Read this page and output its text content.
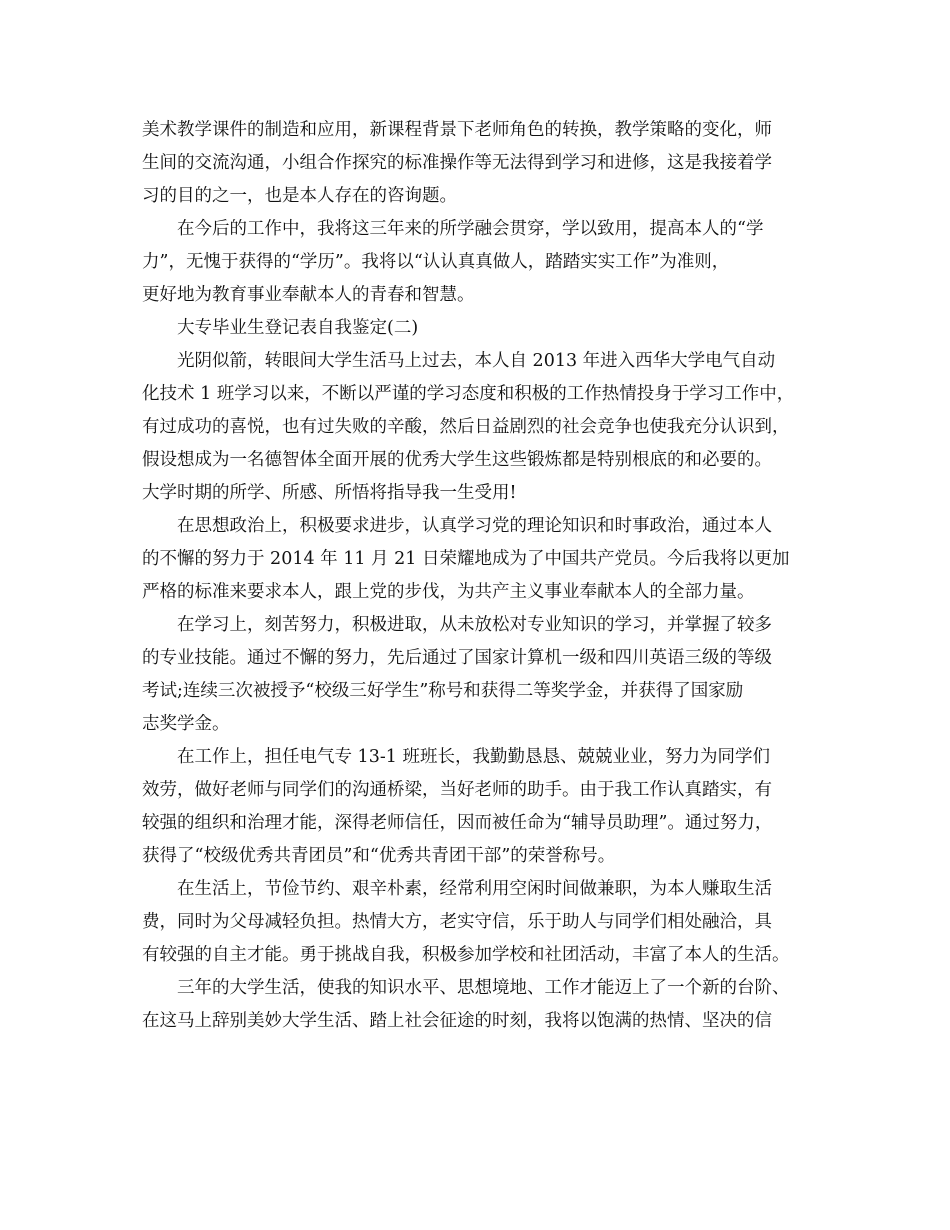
美术教学课件的制造和应用，新课程背景下老师角色的转换，教学策略的变化，师
生间的交流沟通，小组合作探究的标准操作等无法得到学习和进修，这是我接着学
习的目的之一，也是本人存在的咨询题。
在今后的工作中，我将这三年来的所学融会贯穿，学以致用，提高本人的“学
力”，无愧于获得的“学历”。我将以“认认真真做人，踏踏实实工作”为准则，
更好地为教育事业奉献本人的青春和智慧。
大专毕业生登记表自我鉴定(二)
光阴似箭，转眼间大学生活马上过去，本人自 2013 年进入西华大学电气自动
化技术 1 班学习以来，不断以严谨的学习态度和积极的工作热情投身于学习工作中，
有过成功的喜悦，也有过失败的辛酸，然后日益剧烈的社会竞争也使我充分认识到，
假设想成为一名德智体全面开展的优秀大学生这些锻炼都是特别根底的和必要的。
大学时期的所学、所感、所悟将指导我一生受用!
在思想政治上，积极要求进步，认真学习党的理论知识和时事政治，通过本人
的不懈的努力于 2014 年 11 月 21 日荣耀地成为了中国共产党员。今后我将以更加
严格的标准来要求本人，跟上党的步伐，为共产主义事业奉献本人的全部力量。
在学习上，刻苦努力，积极进取，从未放松对专业知识的学习，并掌握了较多
的专业技能。通过不懈的努力，先后通过了国家计算机一级和四川英语三级的等级
考试;连续三次被授予“校级三好学生”称号和获得二等奖学金，并获得了国家励
志奖学金。
在工作上，担任电气专 13-1 班班长，我勤勤恳恳、兢兢业业，努力为同学们
效劳，做好老师与同学们的沟通桥梁，当好老师的助手。由于我工作认真踏实，有
较强的组织和治理才能，深得老师信任，因而被任命为“辅导员助理”。通过努力，
获得了“校级优秀共青团员”和“优秀共青团干部”的荣誉称号。
在生活上，节俭节约、艰辛朴素，经常利用空闲时间做兼职，为本人赚取生活
费，同时为父母减轻负担。热情大方，老实守信，乐于助人与同学们相处融洽，具
有较强的自主才能。勇于挑战自我，积极参加学校和社团活动，丰富了本人的生活。
三年的大学生活，使我的知识水平、思想境地、工作才能迈上了一个新的台阶、
在这马上辞别美妙大学生活、踏上社会征途的时刻，我将以饱满的热情、坚决的信
